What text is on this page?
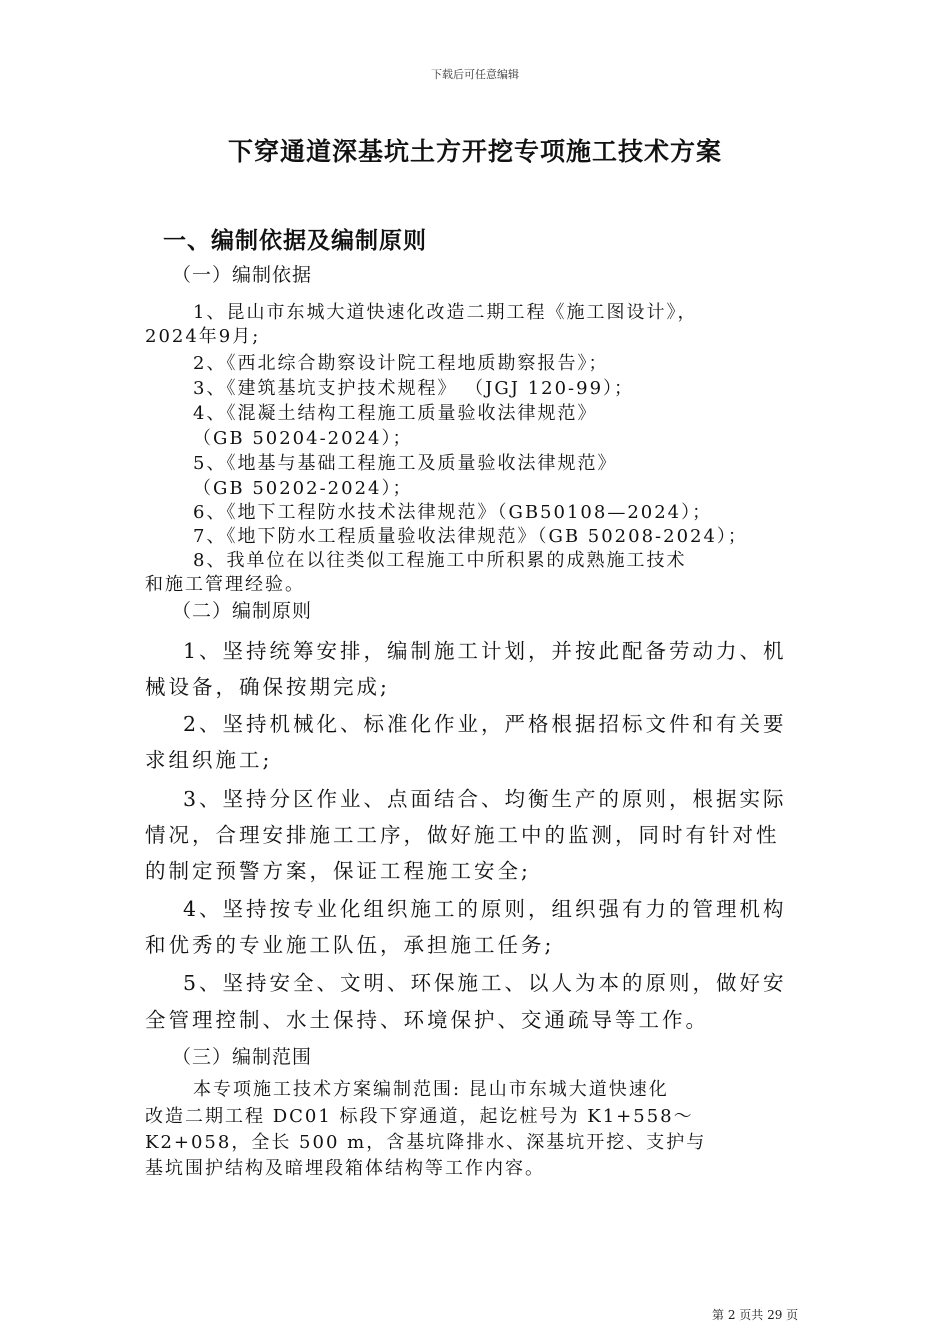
下载后可任意编辑
下穿通道深基坑土方开挖专项施工技术方案
一、编制依据及编制原则
（一）编制依据
1、昆山市东城大道快速化改造二期工程《施工图设计》，
2024年9月;
2、《西北综合勘察设计院工程地质勘察报告》；
3、《建筑基坑支护技术规程》 （JGJ 120-99）；
4、《混凝土结构工程施工质量验收法律规范》
（GB 50204-2024）；
5、《地基与基础工程施工及质量验收法律规范》
（GB 50202-2024）；
6、《地下工程防水技术法律规范》（GB50108—2024）；
7、《地下防水工程质量验收法律规范》（GB 50208-2024）；
8、我单位在以往类似工程施工中所积累的成熟施工技术
和施工管理经验。
（二）编制原则
1、坚持统筹安排，编制施工计划，并按此配备劳动力、机
械设备，确保按期完成;
2、坚持机械化、标准化作业，严格根据招标文件和有关要
求组织施工;
3、坚持分区作业、点面结合、均衡生产的原则，根据实际
情况，合理安排施工工序，做好施工中的监测，同时有针对性
的制定预警方案，保证工程施工安全;
4、坚持按专业化组织施工的原则，组织强有力的管理机构
和优秀的专业施工队伍，承担施工任务;
5、坚持安全、文明、环保施工、以人为本的原则，做好安
全管理控制、水土保持、环境保护、交通疏导等工作。
（三）编制范围
本专项施工技术方案编制范围: 昆山市东城大道快速化
改造二期工程 DC01 标段下穿通道，起讫桩号为 K1+558～
K2+058，全长 500 m，含基坑降排水、深基坑开挖、支护与
基坑围护结构及暗埋段箱体结构等工作内容。
第 2 页共 29 页
